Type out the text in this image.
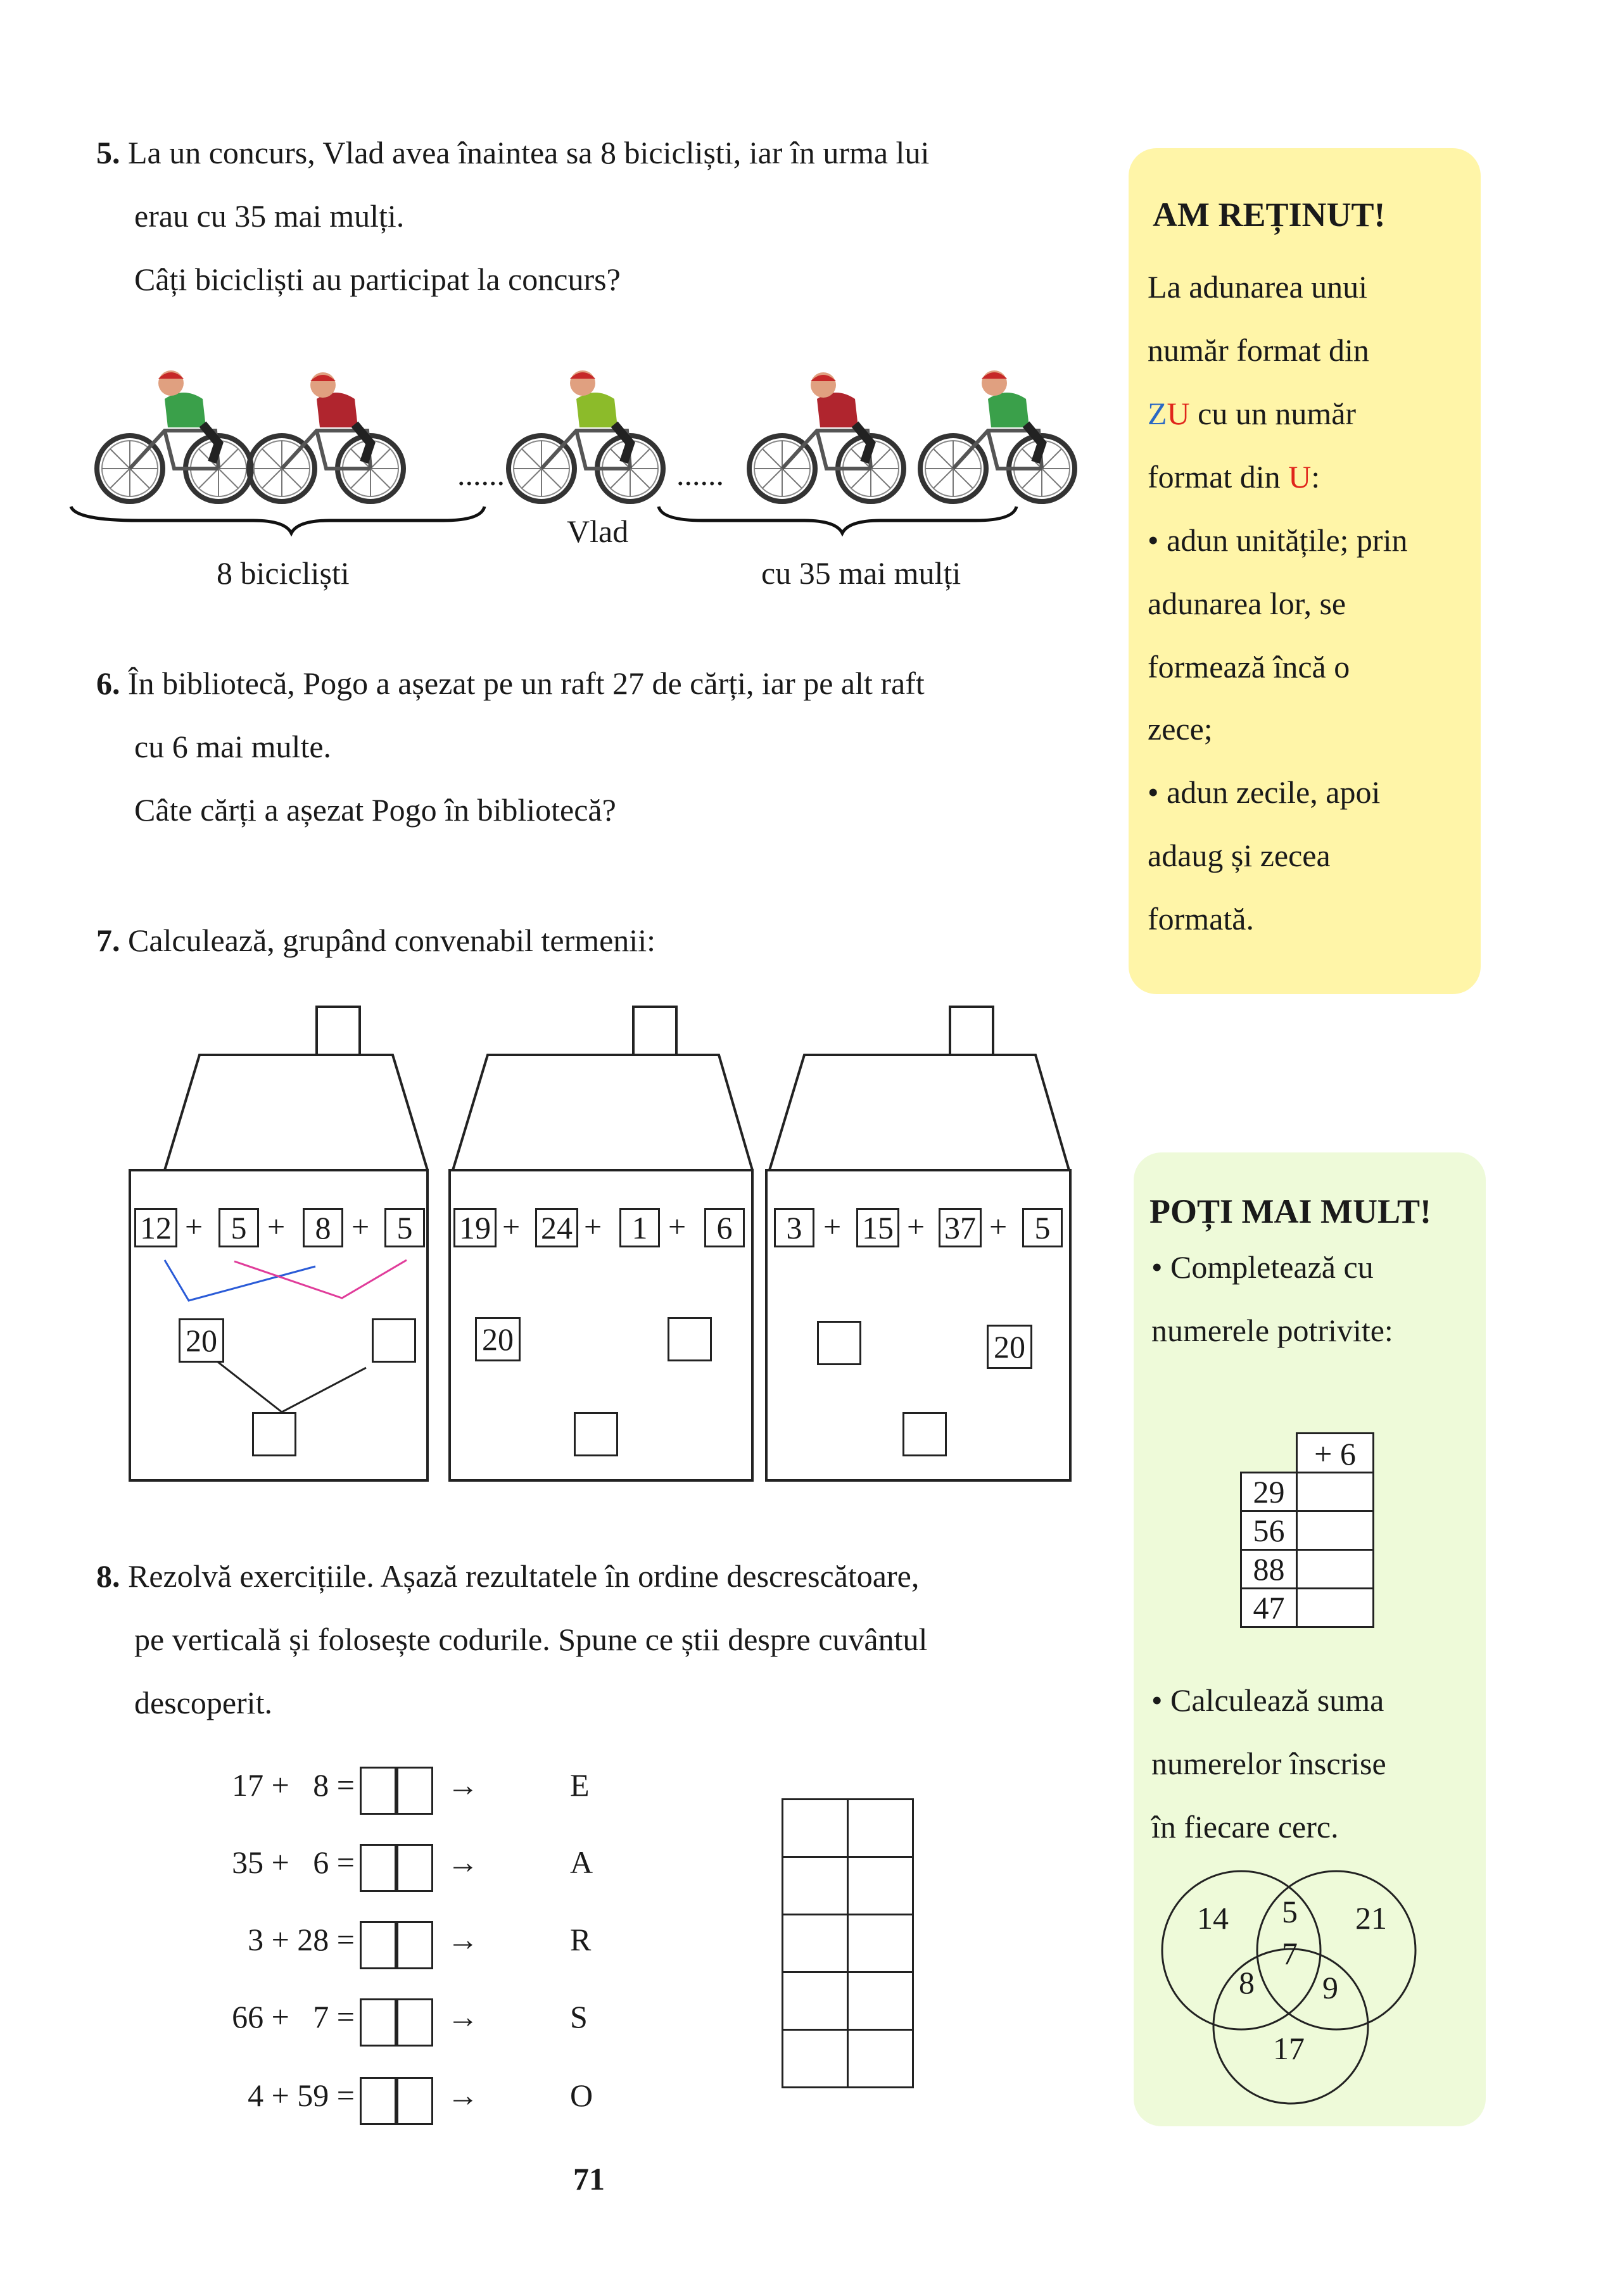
5. La un concurs, Vlad avea înaintea sa 8 bicicliști, iar în urma lui
erau cu 35 mai mulți.
Câți bicicliști au participat la concurs?
......	......
Vlad
8 bicicliști	cu 35 mai mulți
6. În bibliotecă, Pogo a așezat pe un raft 27 de cărți, iar pe alt raft
cu 6 mai multe.
Câte cărți a așezat Pogo în bibliotecă?
7. Calculează, grupând convenabil termenii:
12 + 5 + 8 + 5
20
19 + 24 + 1 + 6
20
3 + 15 + 37 + 5
20
8. Rezolvă exercițiile. Așază rezultatele în ordine descrescătoare,
pe verticală și folosește codurile. Spune ce știi despre cuvântul
descoperit.
17 +   8 =	→	E
35 +   6 =	→	A
3 + 28 =	→	R
66 +   7 =	→	S
4 + 59 =	→	O

71
AM REȚINUT!
La adunarea unui
număr format din
ZU cu un număr
format din U:
• adun unitățile; prin
adunarea lor, se
formează încă o
zece;
• adun zecile, apoi
adaug și zecea
formată.
POȚI MAI MULT!
• Completează cu
numerele potrivite:
+ 6
29
56
88
47
• Calculează suma
numerelor înscrise
în fiecare cerc.
14 5 21
7
8 9
17
